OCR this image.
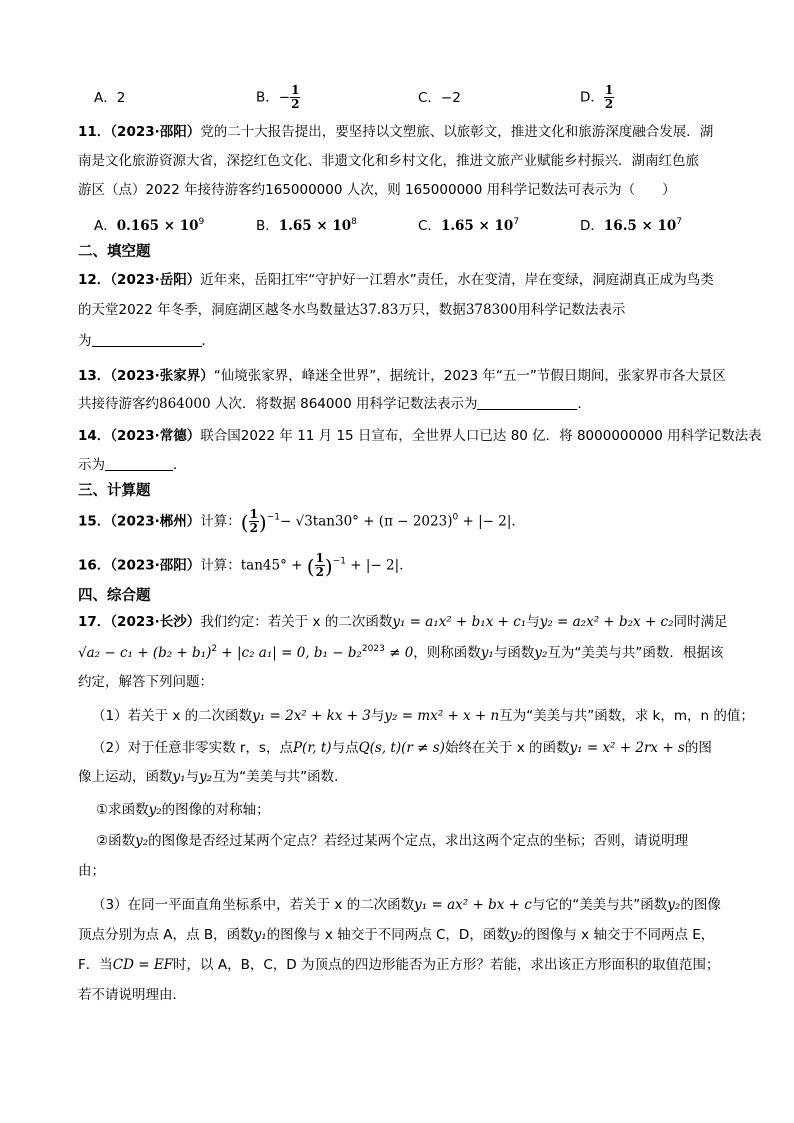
A．2	B．− $\frac{1}{2}$	C．−2	D． $\frac{1}{2}$
11．（2023·邵阳）党的二十大报告提出，要坚持以文塑旅、以旅彰文，推进文化和旅游深度融合发展．湖
南是文化旅游资源大省，深挖红色文化、非遗文化和乡村文化，推进文旅产业赋能乡村振兴．湖南红色旅
游区（点）2022 年接待游客约165000000 人次，则 165000000 用科学记数法可表示为（　　）
A．$0.165 \times 10^9$	B．$1.65 \times 10^8$	C．$1.65 \times 10^7$	D．$16.5 \times 10^7$
二、填空题
12．（2023·岳阳）近年来，岳阳扛牢“守护好一江碧水”责任，水在变清，岸在变绿，洞庭湖真正成为鸟类
的天堂2022 年冬季，洞庭湖区越冬水鸟数量达37.83万只，数据378300用科学记数法表示
为	．
13．（2023·张家界）“仙境张家界，峰迷全世界”，据统计，2023 年“五一”节假日期间，张家界市各大景区
共接待游客约864000 人次．将数据 864000 用科学记数法表示为	．
14．（2023·常德）联合国2022 年 11 月 15 日宣布，全世界人口已达 80 亿．将 8000000000 用科学记数法表
示为	．
三、计算题
15．（2023·郴州）计算：( $\frac{1}{2} )^{-1}- √3\tan 30^\circ + (\pi - 2023)^0$ + |− 2|．
16．（2023·邵阳）计算：tan45° + ( $\frac{1}{2} )^{-1}$ + |− 2|．
四、综合题
17．（2023·长沙）我们约定：若关于 x 的二次函数y₁ = a₁x² + b₁x + c₁与y₂ = a₂x² + b₂x + c₂同时满足
$√a_2 - c_1 + (b_2 + b_1)^2 + |c_2$ a₁| = 0, b₁ − b₂$^{2023}$ ≠ 0，则称函数y₁与函数y₂互为“美美与共”函数．根据该
约定，解答下列问题：
（1）若关于 x 的二次函数y₁ = 2x² + kx + 3与y₂ = mx² + x + n互为“美美与共”函数，求 k，m，n 的值；
（2）对于任意非零实数 r，s，点P(r, t)与点Q(s, t)(r ≠ s)始终在关于 x 的函数y₁ = x² + 2rx + s的图
像上运动，函数y₁与y₂互为“美美与共”函数．
①求函数y₂的图像的对称轴；
②函数y₂的图像是否经过某两个定点？若经过某两个定点，求出这两个定点的坐标；否则，请说明理
由；
（3）在同一平面直角坐标系中，若关于 x 的二次函数y₁ = ax² + bx + c与它的“美美与共”函数y₂的图像
顶点分别为点 A，点 B，函数y₁的图像与 x 轴交于不同两点 C，D，函数y₂的图像与 x 轴交于不同两点 E，
F．当CD = EF时，以 A，B，C，D 为顶点的四边形能否为正方形？若能，求出该正方形面积的取值范围；
若不请说明理由．
